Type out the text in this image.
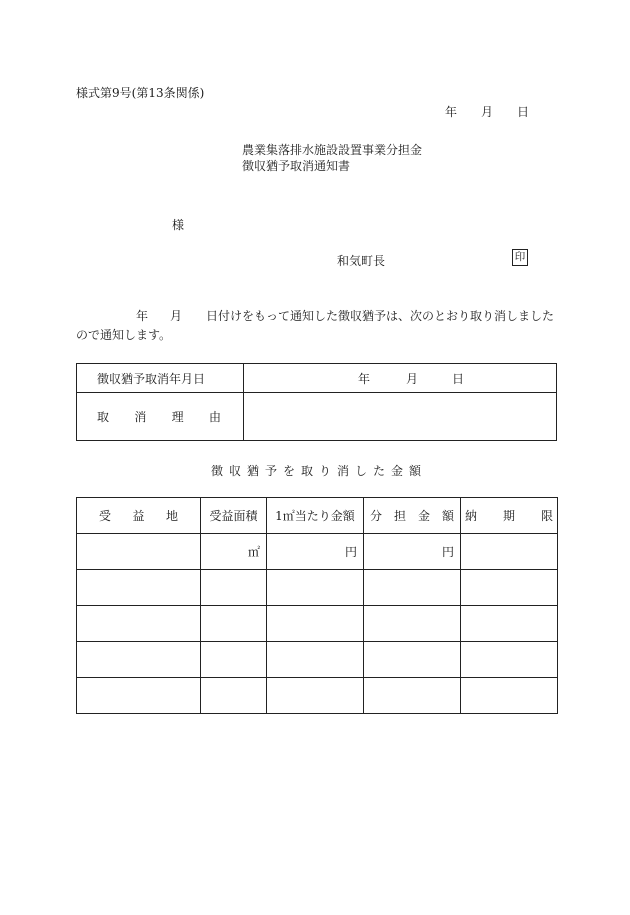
様式第9号(第13条関係)
年 月 日
農業集落排水施設設置事業分担金
徴収猶予取消通知書
様
和気町長	印
年 月 日付けをもって通知した徴収猶予は、次のとおり取り消しました
ので通知します。
徴収猶予取消年月日	年 月 日

取 消 理 由	

徴収猶予を取り消した金額
受 益 地	受益面積	1㎡当たり金額	分 担 金 額	納 期 限

	㎡	円	円	
